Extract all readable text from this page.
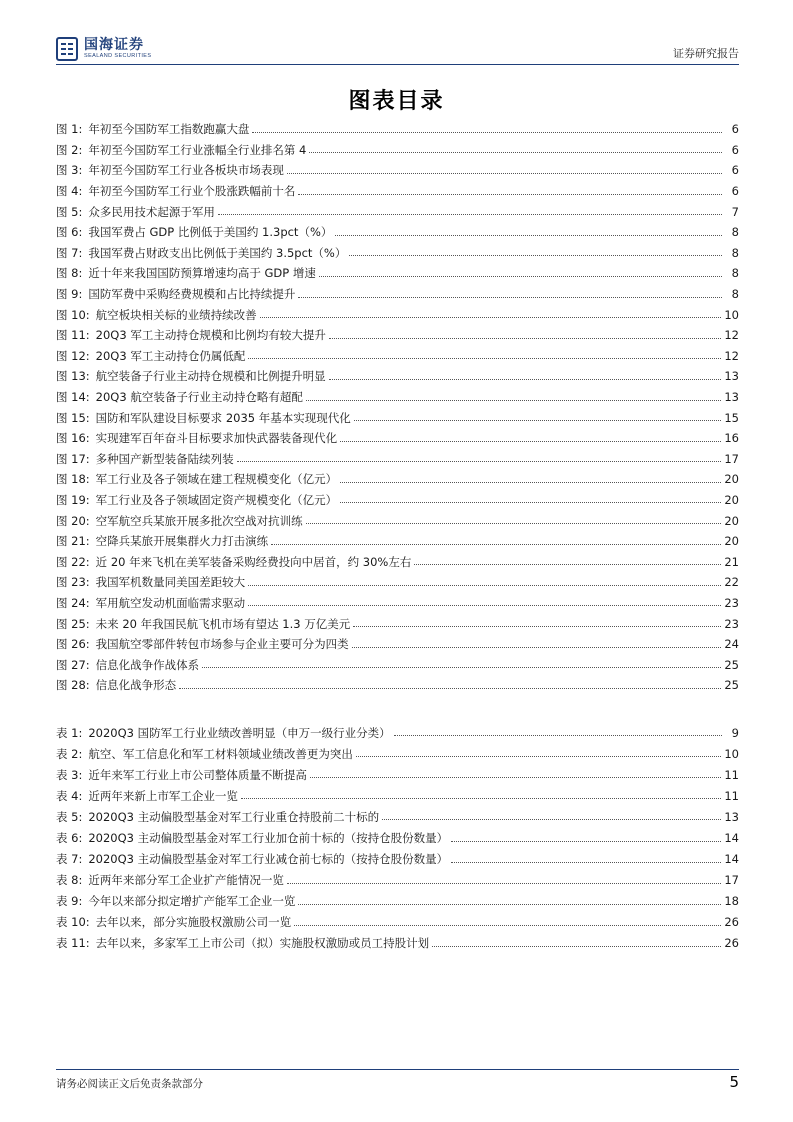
国海证券
SEALAND SECURITIES	证券研究报告
图表目录
图 1: 年初至今国防军工指数跑赢大盘	6
图 2: 年初至今国防军工行业涨幅全行业排名第 4	6
图 3: 年初至今国防军工行业各板块市场表现	6
图 4: 年初至今国防军工行业个股涨跌幅前十名	6
图 5: 众多民用技术起源于军用	7
图 6: 我国军费占 GDP 比例低于美国约 1.3pct（%）	8
图 7: 我国军费占财政支出比例低于美国约 3.5pct（%）	8
图 8: 近十年来我国国防预算增速均高于 GDP 增速	8
图 9: 国防军费中采购经费规模和占比持续提升	8
图 10: 航空板块相关标的业绩持续改善	10
图 11: 20Q3 军工主动持仓规模和比例均有较大提升	12
图 12: 20Q3 军工主动持仓仍属低配	12
图 13: 航空装备子行业主动持仓规模和比例提升明显	13
图 14: 20Q3 航空装备子行业主动持仓略有超配	13
图 15: 国防和军队建设目标要求 2035 年基本实现现代化	15
图 16: 实现建军百年奋斗目标要求加快武器装备现代化	16
图 17: 多种国产新型装备陆续列装	17
图 18: 军工行业及各子领域在建工程规模变化（亿元）	20
图 19: 军工行业及各子领域固定资产规模变化（亿元）	20
图 20: 空军航空兵某旅开展多批次空战对抗训练	20
图 21: 空降兵某旅开展集群火力打击演练	20
图 22: 近 20 年来飞机在美军装备采购经费投向中居首，约 30%左右	21
图 23: 我国军机数量同美国差距较大	22
图 24: 军用航空发动机面临需求驱动	23
图 25: 未来 20 年我国民航飞机市场有望达 1.3 万亿美元	23
图 26: 我国航空零部件转包市场参与企业主要可分为四类	24
图 27: 信息化战争作战体系	25
图 28: 信息化战争形态	25
表 1: 2020Q3 国防军工行业业绩改善明显（申万一级行业分类）	9
表 2: 航空、军工信息化和军工材料领域业绩改善更为突出	10
表 3: 近年来军工行业上市公司整体质量不断提高	11
表 4: 近两年来新上市军工企业一览	11
表 5: 2020Q3 主动偏股型基金对军工行业重仓持股前二十标的	13
表 6: 2020Q3 主动偏股型基金对军工行业加仓前十标的（按持仓股份数量）	14
表 7: 2020Q3 主动偏股型基金对军工行业减仓前七标的（按持仓股份数量）	14
表 8: 近两年来部分军工企业扩产能情况一览	17
表 9: 今年以来部分拟定增扩产能军工企业一览	18
表 10: 去年以来，部分实施股权激励公司一览	26
表 11: 去年以来，多家军工上市公司（拟）实施股权激励或员工持股计划	26
请务必阅读正文后免责条款部分	5
